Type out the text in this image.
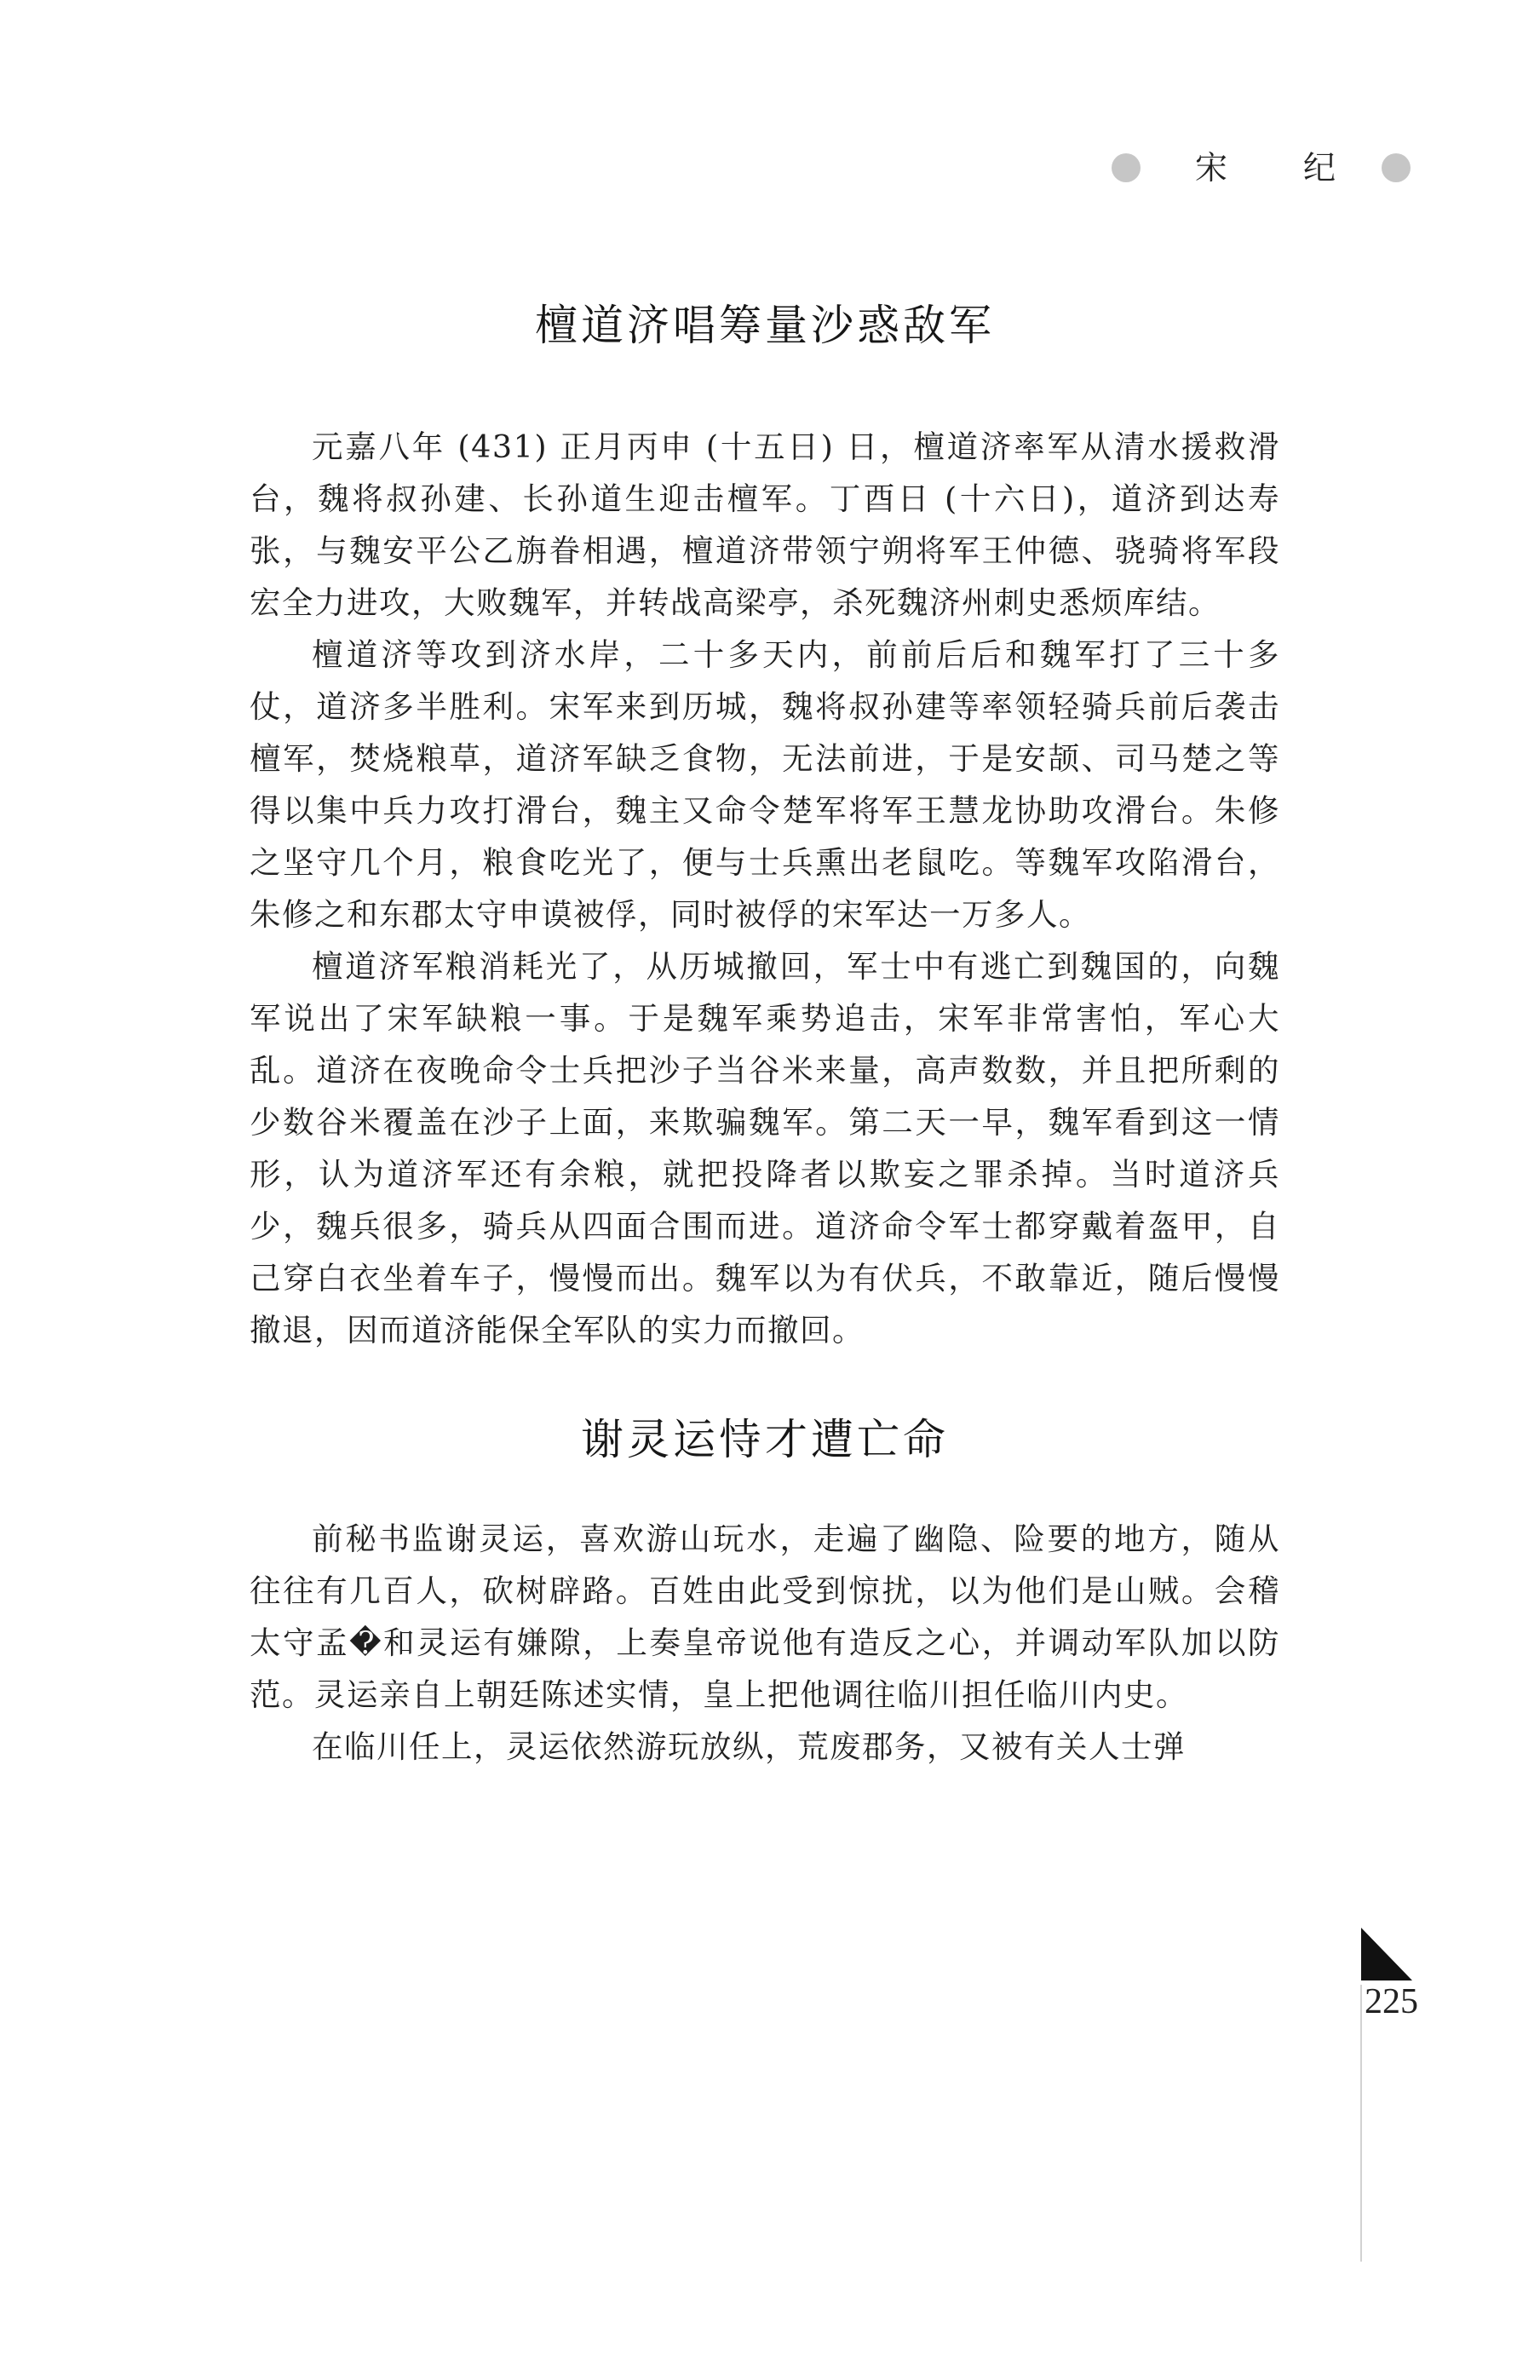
宋 纪
檀道济唱筹量沙惑敌军

元嘉八年 (431) 正月丙申 (十五日) 日，檀道济率军从清水援救滑台，魏将叔孙建、长孙道生迎击檀军。丁酉日 (十六日)，道济到达寿张，与魏安平公乙旃眷相遇，檀道济带领宁朔将军王仲德、骁骑将军段宏全力进攻，大败魏军，并转战高梁亭，杀死魏济州刺史悉烦库结。

檀道济等攻到济水岸，二十多天内，前前后后和魏军打了三十多仗，道济多半胜利。宋军来到历城，魏将叔孙建等率领轻骑兵前后袭击檀军，焚烧粮草，道济军缺乏食物，无法前进，于是安颉、司马楚之等得以集中兵力攻打滑台，魏主又命令楚军将军王慧龙协助攻滑台。朱修之坚守几个月，粮食吃光了，便与士兵熏出老鼠吃。等魏军攻陷滑台，朱修之和东郡太守申谟被俘，同时被俘的宋军达一万多人。

檀道济军粮消耗光了，从历城撤回，军士中有逃亡到魏国的，向魏军说出了宋军缺粮一事。于是魏军乘势追击，宋军非常害怕，军心大乱。道济在夜晚命令士兵把沙子当谷米来量，高声数数，并且把所剩的少数谷米覆盖在沙子上面，来欺骗魏军。第二天一早，魏军看到这一情形，认为道济军还有余粮，就把投降者以欺妄之罪杀掉。当时道济兵少，魏兵很多，骑兵从四面合围而进。道济命令军士都穿戴着盔甲，自己穿白衣坐着车子，慢慢而出。魏军以为有伏兵，不敢靠近，随后慢慢撤退，因而道济能保全军队的实力而撤回。

谢灵运恃才遭亡命

前秘书监谢灵运，喜欢游山玩水，走遍了幽隐、险要的地方，随从往往有几百人，砍树辟路。百姓由此受到惊扰，以为他们是山贼。会稽太守孟�和灵运有嫌隙，上奏皇帝说他有造反之心，并调动军队加以防范。灵运亲自上朝廷陈述实情，皇上把他调往临川担任临川内史。

在临川任上，灵运依然游玩放纵，荒废郡务，又被有关人士弹

225
